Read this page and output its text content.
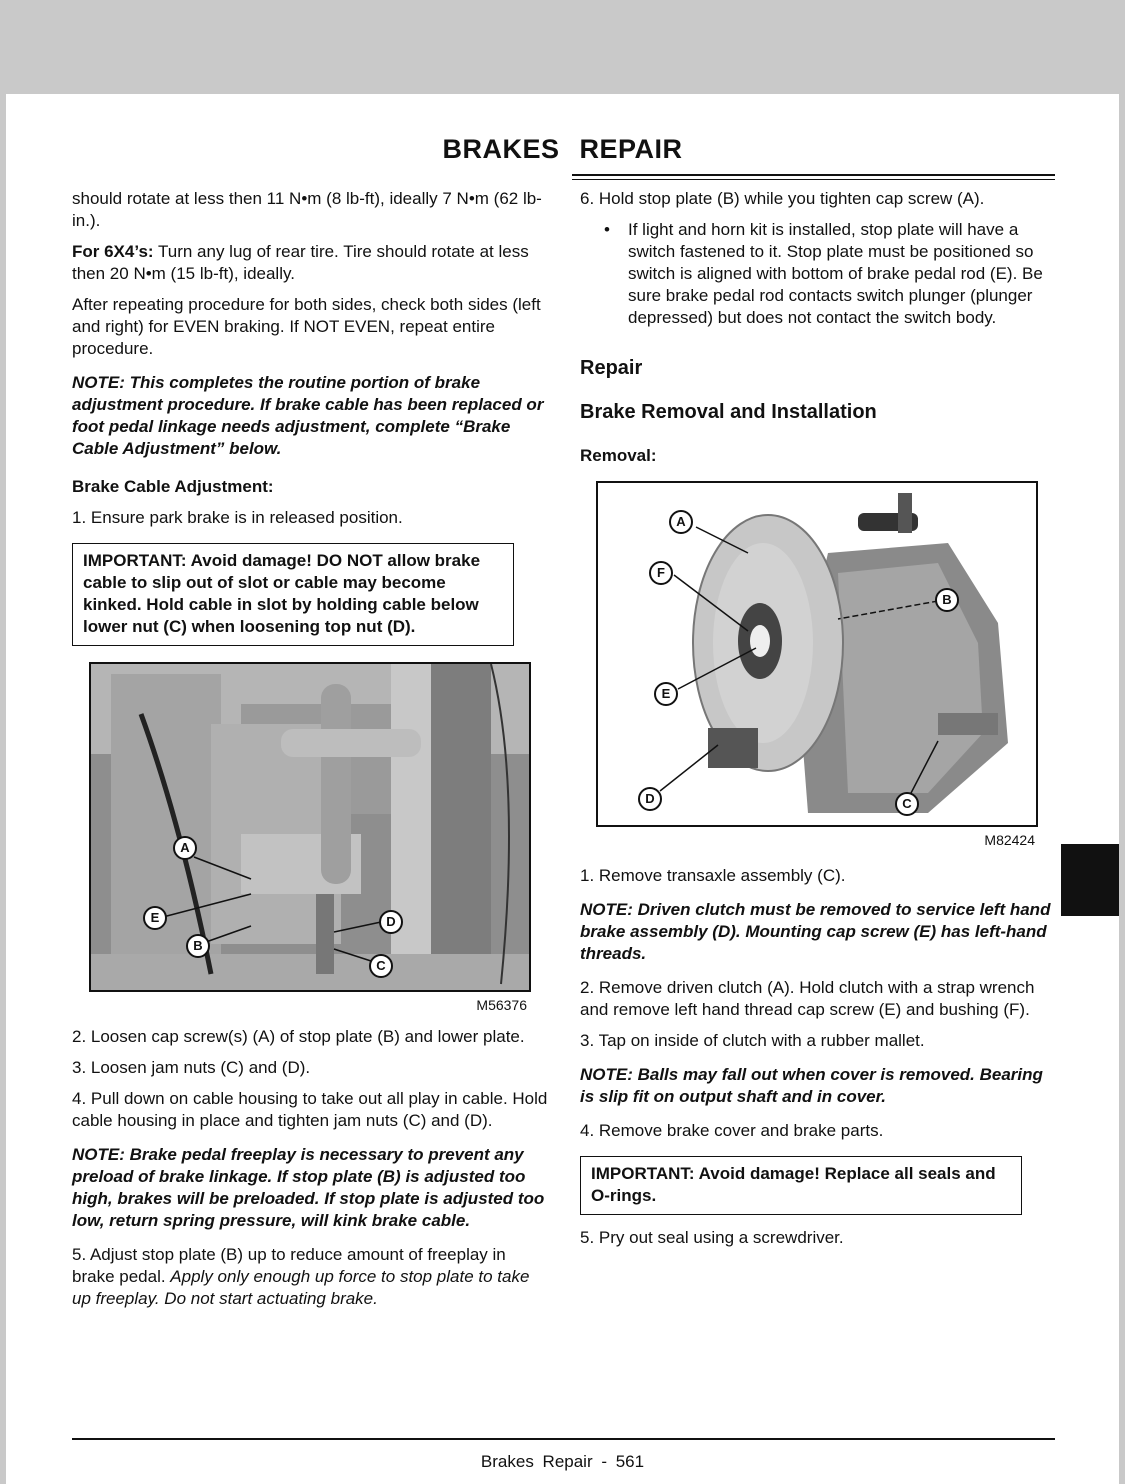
BRAKES REPAIR

should rotate at less then 11 N•m (8 lb-ft), ideally 7 N•m (62 lb-in.).

For 6X4’s: Turn any lug of rear tire. Tire should rotate at less then 20 N•m (15 lb-ft), ideally.

After repeating procedure for both sides, check both sides (left and right) for EVEN braking. If NOT EVEN, repeat entire procedure.

NOTE: This completes the routine portion of brake adjustment procedure. If brake cable has been replaced or foot pedal linkage needs adjustment, complete “Brake Cable Adjustment” below.

Brake Cable Adjustment:

1. Ensure park brake is in released position.

IMPORTANT: Avoid damage! DO NOT allow brake cable to slip out of slot or cable may become kinked. Hold cable in slot by holding cable below lower nut (C) when loosening top nut (D).
A
E
B
D
C
M56376

2. Loosen cap screw(s) (A) of stop plate (B) and lower plate.

3. Loosen jam nuts (C) and (D).

4. Pull down on cable housing to take out all play in cable. Hold cable housing in place and tighten jam nuts (C) and (D).

NOTE: Brake pedal freeplay is necessary to prevent any preload of brake linkage. If stop plate (B) is adjusted too high, brakes will be preloaded. If stop plate is adjusted too low, return spring pressure, will kink brake cable.

5. Adjust stop plate (B) up to reduce amount of freeplay in brake pedal. Apply only enough up force to stop plate to take up freeplay. Do not start actuating brake.

6. Hold stop plate (B) while you tighten cap screw (A).

•	If light and horn kit is installed, stop plate will have a switch fastened to it. Stop plate must be positioned so switch is aligned with bottom of brake pedal rod (E). Be sure brake pedal rod contacts switch plunger (plunger depressed) but does not contact the switch body.

Repair

Brake Removal and Installation

Removal:

A
F
B
E
D	C
M82424

1. Remove transaxle assembly (C).

NOTE: Driven clutch must be removed to service left hand brake assembly (D). Mounting cap screw (E) has left-hand threads.

2. Remove driven clutch (A). Hold clutch with a strap wrench and remove left hand thread cap screw (E) and bushing (F).

3. Tap on inside of clutch with a rubber mallet.

NOTE: Balls may fall out when cover is removed. Bearing is slip fit on output shaft and in cover.

4. Remove brake cover and brake parts.

IMPORTANT: Avoid damage! Replace all seals and O-rings.

5. Pry out seal using a screwdriver.

Brakes Repair - 561
